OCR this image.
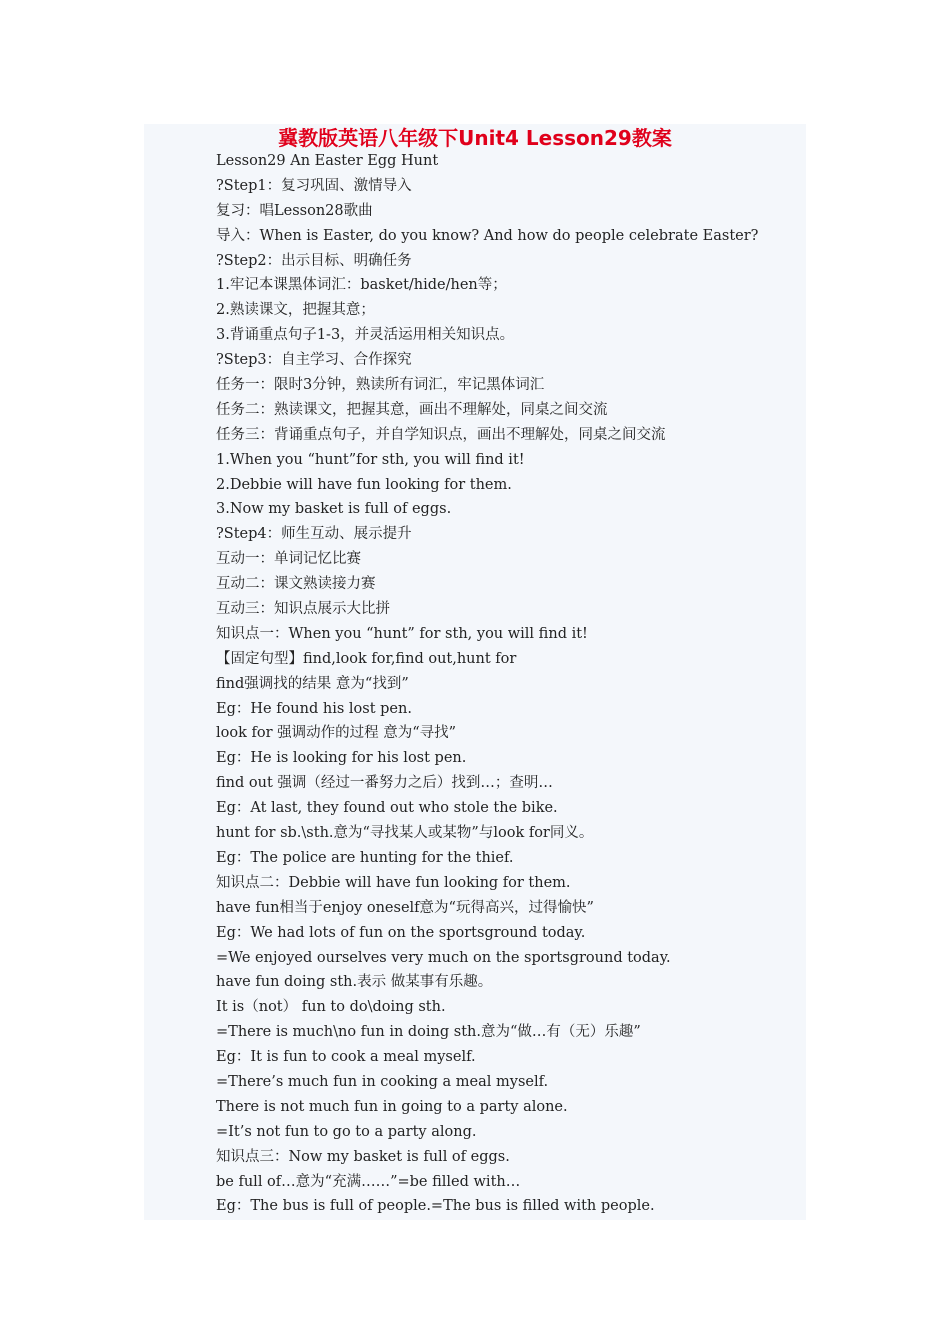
冀教版英语八年级下Unit4 Lesson29教案
Lesson29 An Easter Egg Hunt
?Step1：复习巩固、激情导入
复习：唱Lesson28歌曲
导入：When is Easter, do you know? And how do people celebrate Easter?
?Step2：出示目标、明确任务
1.牢记本课黑体词汇：basket/hide/hen等；
2.熟读课文，把握其意；
3.背诵重点句子1-3，并灵活运用相关知识点。
?Step3：自主学习、合作探究
任务一：限时3分钟，熟读所有词汇，牢记黑体词汇
任务二：熟读课文，把握其意，画出不理解处，同桌之间交流
任务三：背诵重点句子，并自学知识点，画出不理解处，同桌之间交流
1.When you “hunt”for sth, you will find it!
2.Debbie will have fun looking for them.
3.Now my basket is full of eggs.
?Step4：师生互动、展示提升
互动一：单词记忆比赛
互动二：课文熟读接力赛
互动三：知识点展示大比拼
知识点一：When you “hunt” for sth, you will find it!
【固定句型】find,look for,find out,hunt for
find强调找的结果 意为“找到”
Eg：He found his lost pen.
look for 强调动作的过程 意为“寻找”
Eg：He is looking for his lost pen.
find out 强调（经过一番努力之后）找到…；查明…
Eg：At last, they found out who stole the bike.
hunt for sb.\sth.意为“寻找某人或某物”与look for同义。
Eg：The police are hunting for the thief.
知识点二：Debbie will have fun looking for them.
have fun相当于enjoy oneself意为“玩得高兴，过得愉快”
Eg：We had lots of fun on the sportsground today.
=We enjoyed ourselves very much on the sportsground today.
have fun doing sth.表示 做某事有乐趣。
It is（not） fun to do\doing sth.
=There is much\no fun in doing sth.意为“做…有（无）乐趣”
Eg：It is fun to cook a meal myself.
=There’s much fun in cooking a meal myself.
There is not much fun in going to a party alone.
=It’s not fun to go to a party along.
知识点三：Now my basket is full of eggs.
be full of…意为“充满……”=be filled with…
Eg：The bus is full of people.=The bus is filled with people.
